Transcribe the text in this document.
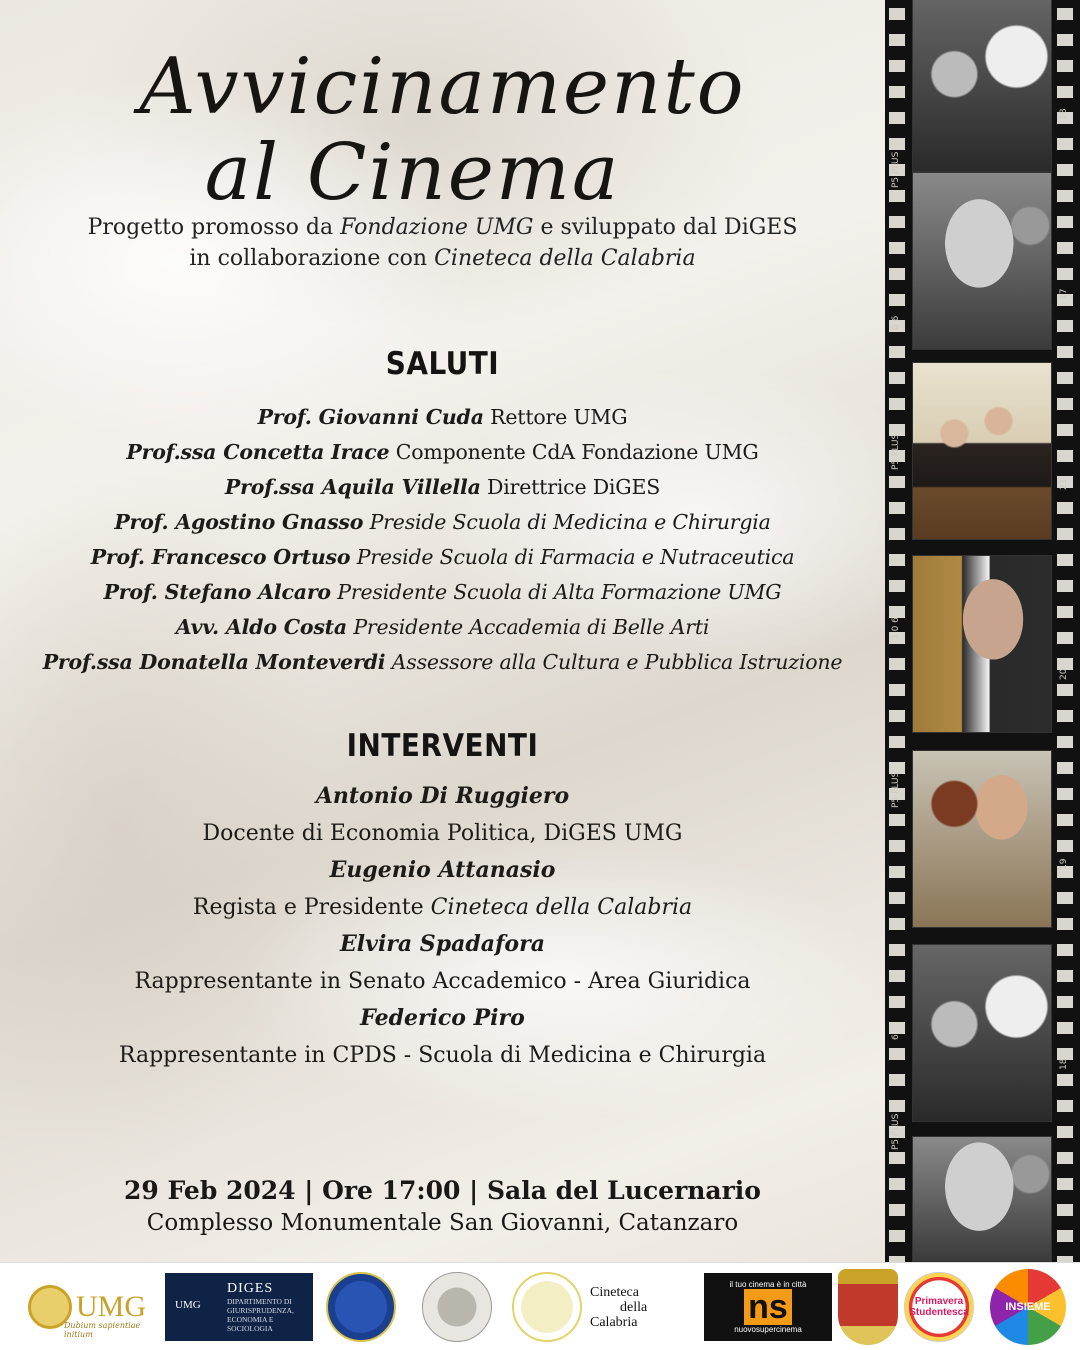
Avvicinamento
al Cinema
Progetto promosso da Fondazione UMG e sviluppato dal DiGES
in collaborazione con Cineteca della Calabria
SALUTI
Prof. Giovanni Cuda Rettore UMG
Prof.ssa Concetta Irace Componente CdA Fondazione UMG
Prof.ssa Aquila Villella Direttrice DiGES
Prof. Agostino Gnasso Preside Scuola di Medicina e Chirurgia
Prof. Francesco Ortuso Preside Scuola di Farmacia e Nutraceutica
Prof. Stefano Alcaro Presidente Scuola di Alta Formazione UMG
Avv. Aldo Costa Presidente Accademia di Belle Arti
Prof.ssa Donatella Monteverdi Assessore alla Cultura e Pubblica Istruzione
INTERVENTI
Antonio Di Ruggiero
Docente di Economia Politica, DiGES UMG
Eugenio Attanasio
Regista e Presidente Cineteca della Calabria
Elvira Spadafora
Rappresentante in Senato Accademico - Area Giuridica
Federico Piro
Rappresentante in CPDS - Scuola di Medicina e Chirurgia
29 Feb 2024 | Ore 17:00 | Sala del Lucernario
Complesso Monumentale San Giovanni, Catanzaro
P5 PLUS
P5 PLUS
P5 PLUS
P5 PLUS
0 6
3 0 6
6
18
17
21
20
19
18
UMG
Dubium sapientiae initium
UMG
DIGES
DIPARTIMENTO DI
GIURISPRUDENZA,
ECONOMIA E
SOCIOLOGIA
Cineteca
della
Calabria
il tuo cinema è in città
ns
nuovosupercinema
Primavera Studentesca	INSIEME
